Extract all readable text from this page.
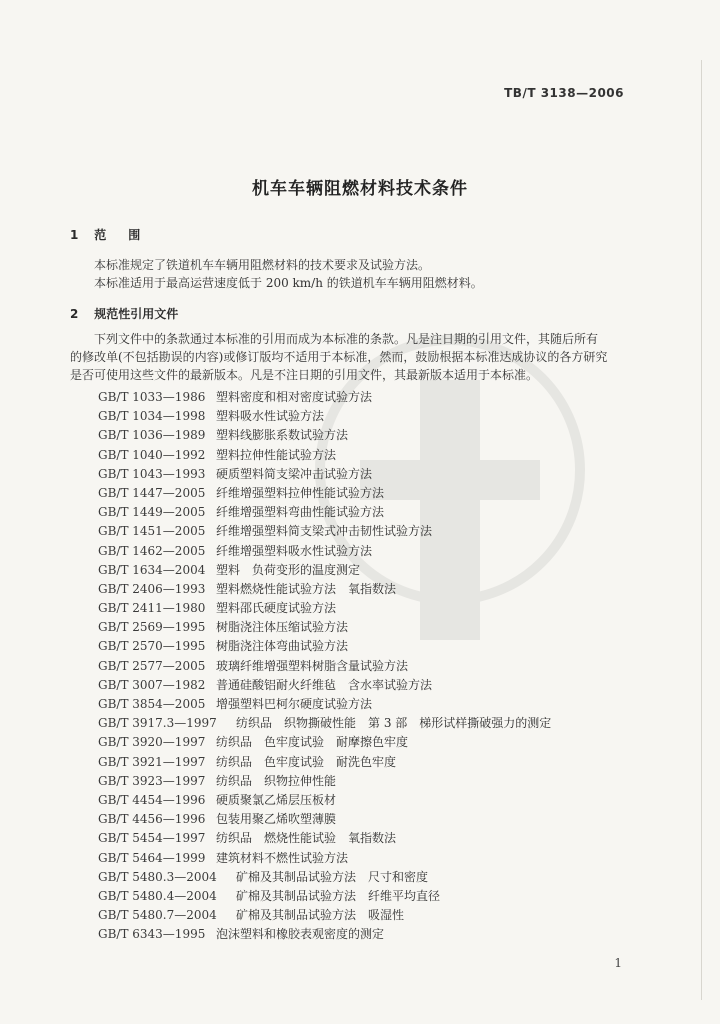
TB/T 3138—2006
机车车辆阻燃材料技术条件
1 范围
本标准规定了铁道机车车辆用阻燃材料的技术要求及试验方法。
本标准适用于最高运营速度低于 200 km/h 的铁道机车车辆用阻燃材料。
2 规范性引用文件
下列文件中的条款通过本标准的引用而成为本标准的条款。凡是注日期的引用文件，其随后所有
的修改单(不包括勘误的内容)或修订版均不适用于本标准，然而，鼓励根据本标准达成协议的各方研究
是否可使用这些文件的最新版本。凡是不注日期的引用文件，其最新版本适用于本标准。
GB/T 1033—1986 塑料密度和相对密度试验方法
GB/T 1034—1998 塑料吸水性试验方法
GB/T 1036—1989 塑料线膨胀系数试验方法
GB/T 1040—1992 塑料拉伸性能试验方法
GB/T 1043—1993 硬质塑料简支梁冲击试验方法
GB/T 1447—2005 纤维增强塑料拉伸性能试验方法
GB/T 1449—2005 纤维增强塑料弯曲性能试验方法
GB/T 1451—2005 纤维增强塑料简支梁式冲击韧性试验方法
GB/T 1462—2005 纤维增强塑料吸水性试验方法
GB/T 1634—2004 塑料　负荷变形的温度测定
GB/T 2406—1993 塑料燃烧性能试验方法　氧指数法
GB/T 2411—1980 塑料邵氏硬度试验方法
GB/T 2569—1995 树脂浇注体压缩试验方法
GB/T 2570—1995 树脂浇注体弯曲试验方法
GB/T 2577—2005 玻璃纤维增强塑料树脂含量试验方法
GB/T 3007—1982 普通硅酸铝耐火纤维毡　含水率试验方法
GB/T 3854—2005 增强塑料巴柯尔硬度试验方法
GB/T 3917.3—1997 纺织品　织物撕破性能　第 3 部　梯形试样撕破强力的测定
GB/T 3920—1997 纺织品　色牢度试验　耐摩擦色牢度
GB/T 3921—1997 纺织品　色牢度试验　耐洗色牢度
GB/T 3923—1997 纺织品　织物拉伸性能
GB/T 4454—1996 硬质聚氯乙烯层压板材
GB/T 4456—1996 包装用聚乙烯吹塑薄膜
GB/T 5454—1997 纺织品　燃烧性能试验　氧指数法
GB/T 5464—1999 建筑材料不燃性试验方法
GB/T 5480.3—2004 矿棉及其制品试验方法　尺寸和密度
GB/T 5480.4—2004 矿棉及其制品试验方法　纤维平均直径
GB/T 5480.7—2004 矿棉及其制品试验方法　吸湿性
GB/T 6343—1995 泡沫塑料和橡胶表观密度的测定
1
